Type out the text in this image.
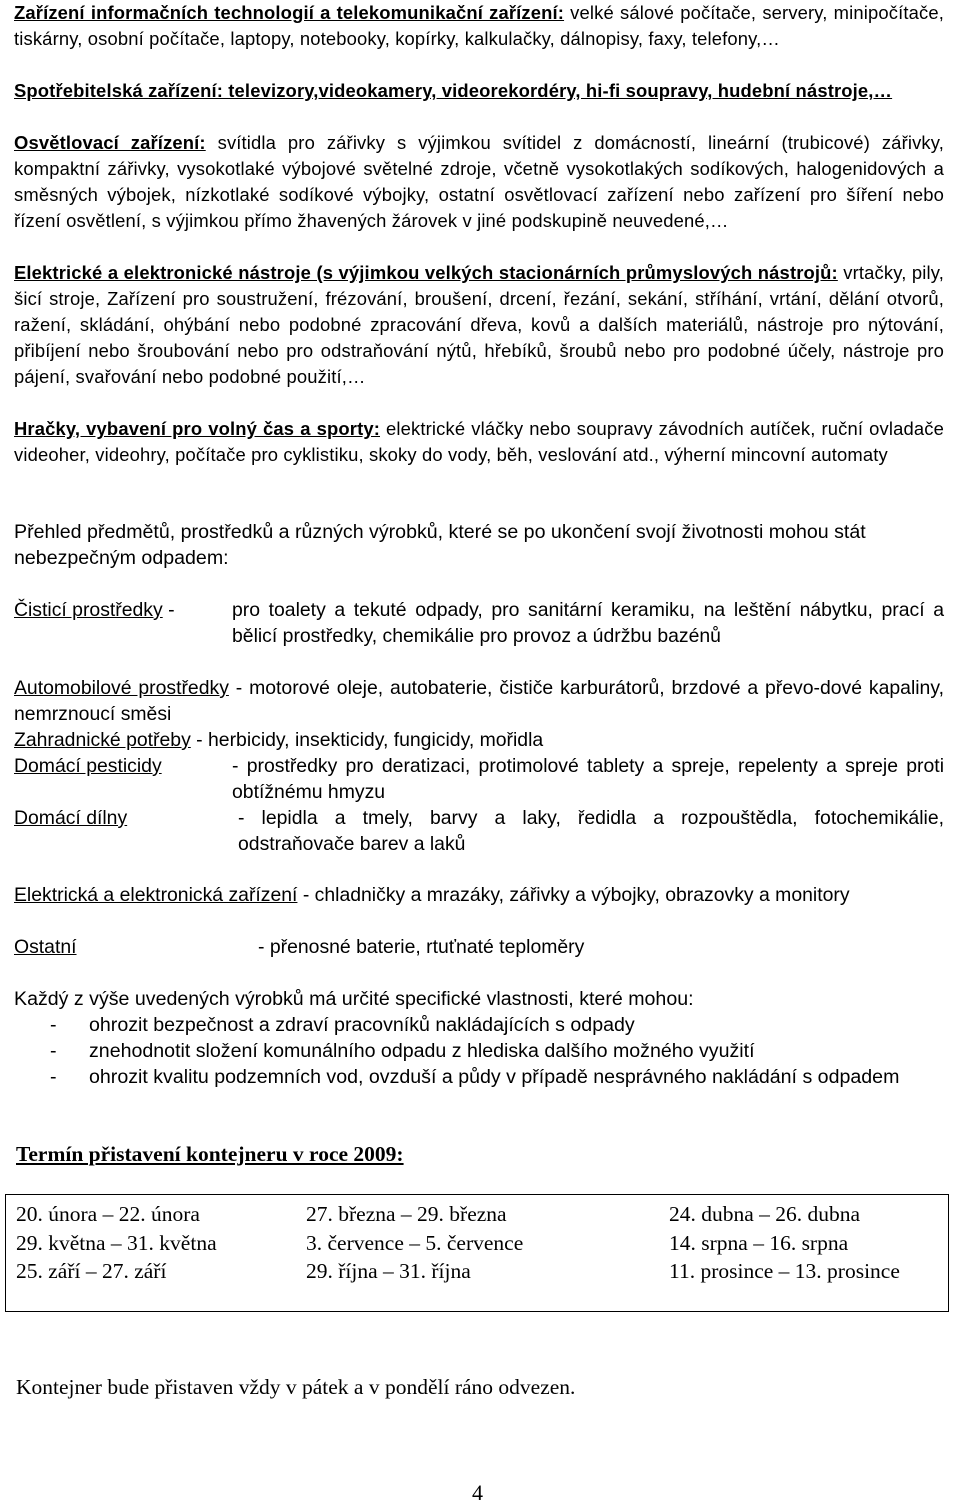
Zařízení informačních technologií a telekomunikační zařízení: velké sálové počítače, servery, minipočítače, tiskárny, osobní počítače, laptopy, notebooky, kopírky, kalkulačky, dálnopisy, faxy, telefony,…
Spotřebitelská zařízení: televizory,videokamery, videorekordéry, hi-fi soupravy, hudební nástroje,…
Osvětlovací zařízení: svítidla pro zářivky s výjimkou svítidel z domácností, lineární (trubicové) zářivky, kompaktní zářivky, vysokotlaké výbojové světelné zdroje, včetně vysokotlakých sodíkových, halogenidových a směsných výbojek, nízkotlaké sodíkové výbojky, ostatní osvětlovací zařízení nebo zařízení pro šíření nebo řízení osvětlení, s výjimkou přímo žhavených žárovek v jiné podskupině neuvedené,…
Elektrické a elektronické nástroje (s výjimkou velkých stacionárních průmyslových nástrojů: vrtačky, pily, šicí stroje, Zařízení pro soustružení, frézování, broušení, drcení, řezání, sekání, stříhání, vrtání, dělání otvorů, ražení, skládání, ohýbání nebo podobné zpracování dřeva, kovů a dalších materiálů, nástroje pro nýtování, přibíjení nebo šroubování nebo pro odstraňování nýtů, hřebíků, šroubů nebo pro podobné účely, nástroje pro pájení, svařování nebo podobné použití,…
Hračky, vybavení pro volný čas a sporty: elektrické vláčky nebo soupravy závodních autíček, ruční ovladače videoher, videohry, počítače pro cyklistiku, skoky do vody, běh, veslování atd., výherní mincovní automaty
Přehled předmětů, prostředků a různých výrobků, které se po ukončení svojí životnosti mohou stát nebezpečným odpadem:
Čisticí prostředky -	pro toalety a tekuté odpady, pro sanitární keramiku, na leštění nábytku, prací a bělicí prostředky, chemikálie pro provoz a údržbu bazénů
Automobilové prostředky - motorové oleje, autobaterie, čističe karburátorů, brzdové a převo-dové kapaliny, nemrznoucí směsi
Zahradnické potřeby - herbicidy, insekticidy, fungicidy, mořidla
Domácí pesticidy	- prostředky pro deratizaci, protimolové tablety a spreje, repelenty a spreje proti obtížnému hmyzu
Domácí dílny	- lepidla a tmely, barvy a laky, ředidla a rozpouštědla, fotochemikálie, odstraňovače barev a laků
Elektrická a elektronická zařízení - chladničky a mrazáky, zářivky a výbojky, obrazovky a monitory
Ostatní	- přenosné baterie, rtuťnaté teploměry
Každý z výše uvedených výrobků má určité specifické vlastnosti, které mohou:
- ohrozit bezpečnost a zdraví pracovníků nakládajících s odpady
- znehodnotit složení komunálního odpadu z hlediska dalšího možného využití
- ohrozit kvalitu podzemních vod, ovzduší a půdy v případě nesprávného nakládání s odpadem
Termín přistavení kontejneru v roce 2009:
20. února – 22. února	27. března – 29. března	24. dubna – 26. dubna
29. května – 31. května	3. července – 5. července	14. srpna – 16. srpna
25. září – 27. září	29. října – 31. října	11. prosince – 13. prosince
Kontejner bude přistaven vždy v pátek a v pondělí ráno odvezen.
4
